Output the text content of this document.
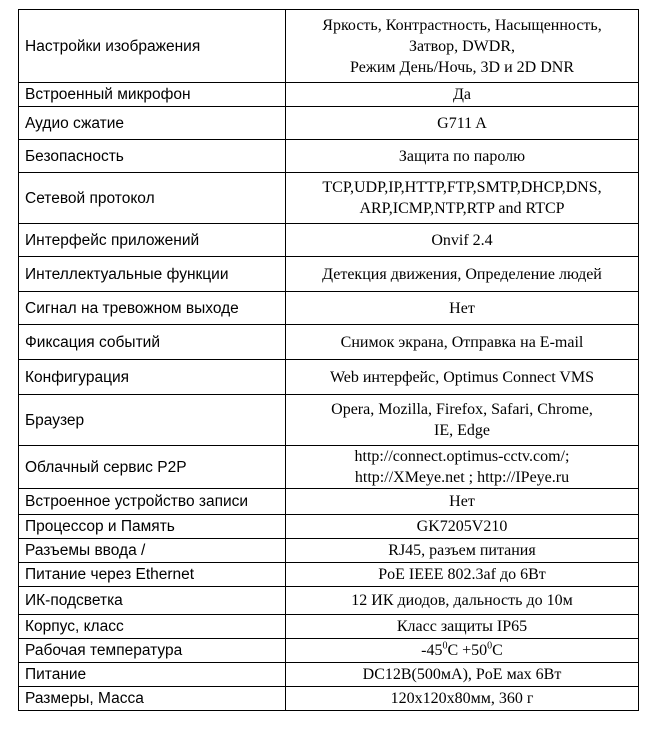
Настройки изображения	Яркость, Контрастность, Насыщенность,
Затвор, DWDR,
Режим День/Ночь, 3D и 2D DNR

Встроенный микрофон	Да

Аудио сжатие	G711 A

Безопасность	Защита по паролю

Сетевой протокол	TCP,UDP,IP,HTTP,FTP,SMTP,DHCP,DNS,
ARP,ICMP,NTP,RTP and RTCP

Интерфейс приложений	Onvif 2.4

Интеллектуальные функции	Детекция движения, Определение людей

Сигнал на тревожном выходе	Нет

Фиксация событий	Снимок экрана, Отправка на E-mail

Конфигурация	Web интерфейс, Optimus Connect VMS

Браузер	Opera, Mozilla, Firefox, Safari, Chrome,
IE, Edge

Облачный сервис P2P	http://connect.optimus-cctv.com/;
http://XMeye.net ; http://IPeye.ru

Встроенное устройство записи	Нет

Процессор и Память	GK7205V210

Разъемы ввода /	RJ45, разъем питания

Питание через Ethernet	PoE IEEE 802.3af до 6Вт

ИК-подсветка	12 ИК диодов, дальность до 10м

Корпус, класс	Класс защиты IP65

Рабочая температура	$-45^0C +50^0C$

Питание	DC12В(500мА), PoE мах 6Вт

Размеры, Масса	120x120x80мм, 360 г
